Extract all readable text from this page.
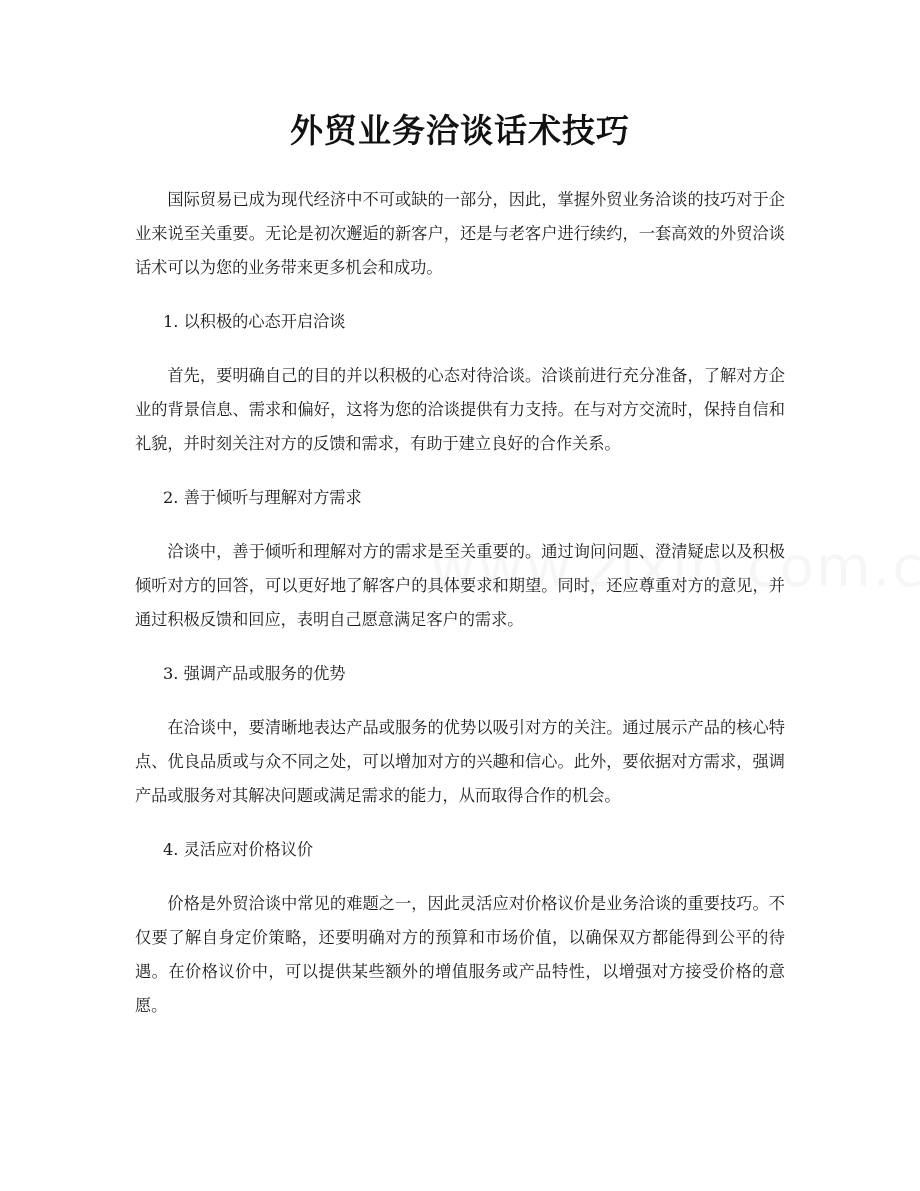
外贸业务洽谈话术技巧

国际贸易已成为现代经济中不可或缺的一部分，因此，掌握外贸业务洽谈的技巧对于企业来说至关重要。无论是初次邂逅的新客户，还是与老客户进行续约，一套高效的外贸洽谈话术可以为您的业务带来更多机会和成功。

1. 以积极的心态开启洽谈

首先，要明确自己的目的并以积极的心态对待洽谈。洽谈前进行充分准备，了解对方企业的背景信息、需求和偏好，这将为您的洽谈提供有力支持。在与对方交流时，保持自信和礼貌，并时刻关注对方的反馈和需求，有助于建立良好的合作关系。

2. 善于倾听与理解对方需求

洽谈中，善于倾听和理解对方的需求是至关重要的。通过询问问题、澄清疑虑以及积极倾听对方的回答，可以更好地了解客户的具体要求和期望。同时，还应尊重对方的意见，并通过积极反馈和回应，表明自己愿意满足客户的需求。

3. 强调产品或服务的优势

在洽谈中，要清晰地表达产品或服务的优势以吸引对方的关注。通过展示产品的核心特点、优良品质或与众不同之处，可以增加对方的兴趣和信心。此外，要依据对方需求，强调产品或服务对其解决问题或满足需求的能力，从而取得合作的机会。

4. 灵活应对价格议价

价格是外贸洽谈中常见的难题之一，因此灵活应对价格议价是业务洽谈的重要技巧。不仅要了解自身定价策略，还要明确对方的预算和市场价值，以确保双方都能得到公平的待遇。在价格议价中，可以提供某些额外的增值服务或产品特性，以增强对方接受价格的意愿。
